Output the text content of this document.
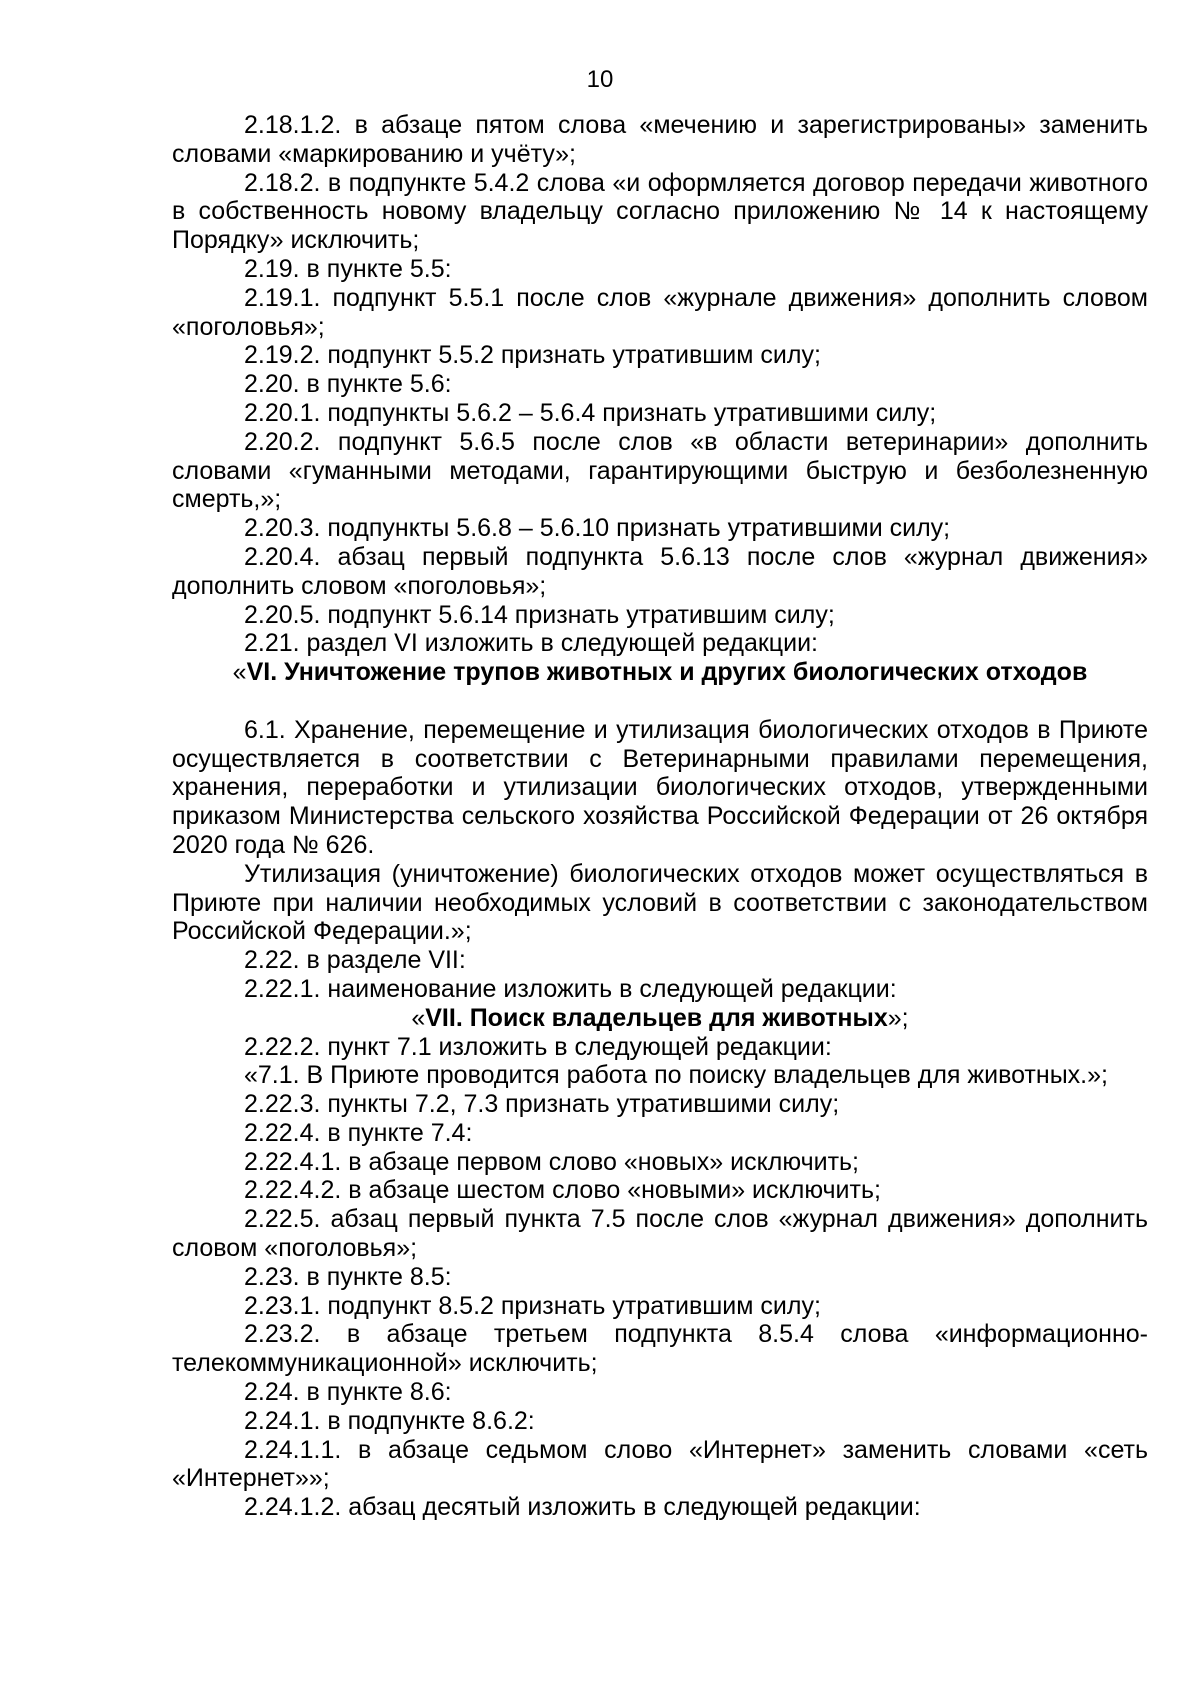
10

2.18.1.2. в абзаце пятом слова «мечению и зарегистрированы» заменить словами «маркированию и учёту»;

2.18.2. в подпункте 5.4.2 слова «и оформляется договор передачи животного в собственность новому владельцу согласно приложению № 14 к настоящему Порядку» исключить;

2.19. в пункте 5.5:

2.19.1. подпункт 5.5.1 после слов «журнале движения» дополнить словом «поголовья»;

2.19.2. подпункт 5.5.2 признать утратившим силу;

2.20. в пункте 5.6:

2.20.1. подпункты 5.6.2 – 5.6.4 признать утратившими силу;

2.20.2. подпункт 5.6.5 после слов «в области ветеринарии» дополнить словами «гуманными методами, гарантирующими быструю и безболезненную смерть,»;

2.20.3. подпункты 5.6.8 – 5.6.10 признать утратившими силу;

2.20.4. абзац первый подпункта 5.6.13 после слов «журнал движения» дополнить словом «поголовья»;

2.20.5. подпункт 5.6.14 признать утратившим силу;

2.21. раздел VI изложить в следующей редакции:

«VI. Уничтожение трупов животных и других биологических отходов

6.1. Хранение, перемещение и утилизация биологических отходов в Приюте осуществляется в соответствии с Ветеринарными правилами перемещения, хранения, переработки и утилизации биологических отходов, утвержденными приказом Министерства сельского хозяйства Российской Федерации от 26 октября 2020 года № 626.

Утилизация (уничтожение) биологических отходов может осуществляться в Приюте при наличии необходимых условий в соответствии с законодательством Российской Федерации.»;

2.22. в разделе VII:

2.22.1. наименование изложить в следующей редакции:

«VII. Поиск владельцев для животных»;

2.22.2. пункт 7.1 изложить в следующей редакции:

«7.1. В Приюте проводится работа по поиску владельцев для животных.»;

2.22.3. пункты 7.2, 7.3 признать утратившими силу;

2.22.4. в пункте 7.4:

2.22.4.1. в абзаце первом слово «новых» исключить;

2.22.4.2. в абзаце шестом слово «новыми» исключить;

2.22.5. абзац первый пункта 7.5 после слов «журнал движения» дополнить словом «поголовья»;

2.23. в пункте 8.5:

2.23.1. подпункт 8.5.2 признать утратившим силу;

2.23.2. в абзаце третьем подпункта 8.5.4 слова «информационно-телекоммуникационной» исключить;

2.24. в пункте 8.6:

2.24.1. в подпункте 8.6.2:

2.24.1.1. в абзаце седьмом слово «Интернет» заменить словами «сеть «Интернет»»;

2.24.1.2. абзац десятый изложить в следующей редакции:
